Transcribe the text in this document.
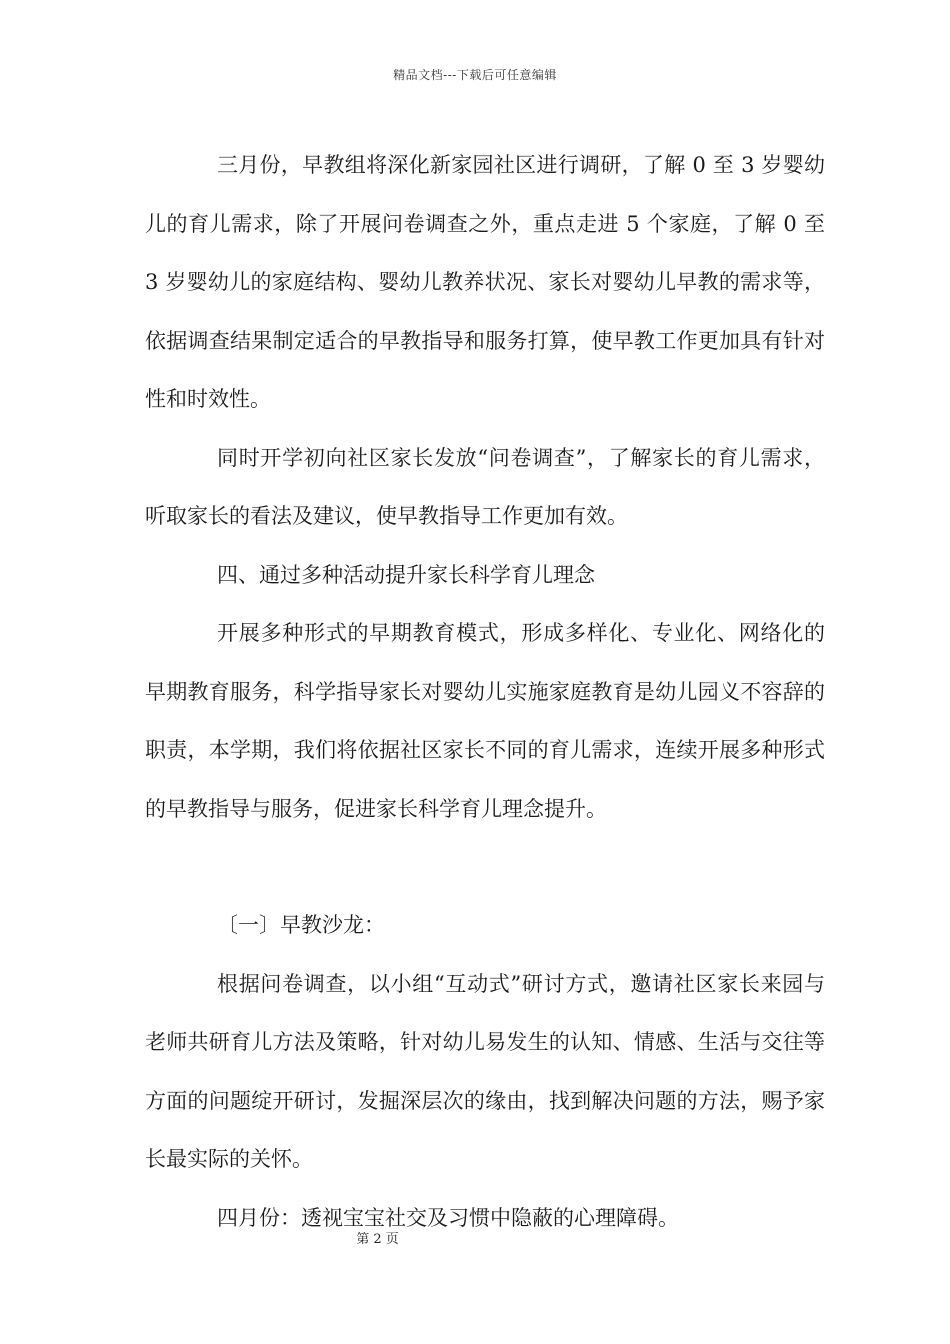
精品文档---下载后可任意编辑

三月份，早教组将深化新家园社区进行调研，了解 0 至 3 岁婴幼儿的育儿需求，除了开展问卷调查之外，重点走进 5 个家庭，了解 0 至 3 岁婴幼儿的家庭结构、婴幼儿教养状况、家长对婴幼儿早教的需求等，依据调查结果制定适合的早教指导和服务打算，使早教工作更加具有针对性和时效性。

同时开学初向社区家长发放“问卷调查”，了解家长的育儿需求，听取家长的看法及建议，使早教指导工作更加有效。

四、通过多种活动提升家长科学育儿理念

开展多种形式的早期教育模式，形成多样化、专业化、网络化的早期教育服务，科学指导家长对婴幼儿实施家庭教育是幼儿园义不容辞的职责，本学期，我们将依据社区家长不同的育儿需求，连续开展多种形式的早教指导与服务，促进家长科学育儿理念提升。

〔一〕早教沙龙：

根据问卷调查，以小组“互动式”研讨方式，邀请社区家长来园与老师共研育儿方法及策略，针对幼儿易发生的认知、情感、生活与交往等方面的问题绽开研讨，发掘深层次的缘由，找到解决问题的方法，赐予家长最实际的关怀。

四月份：透视宝宝社交及习惯中隐蔽的心理障碍。

第 2 页
